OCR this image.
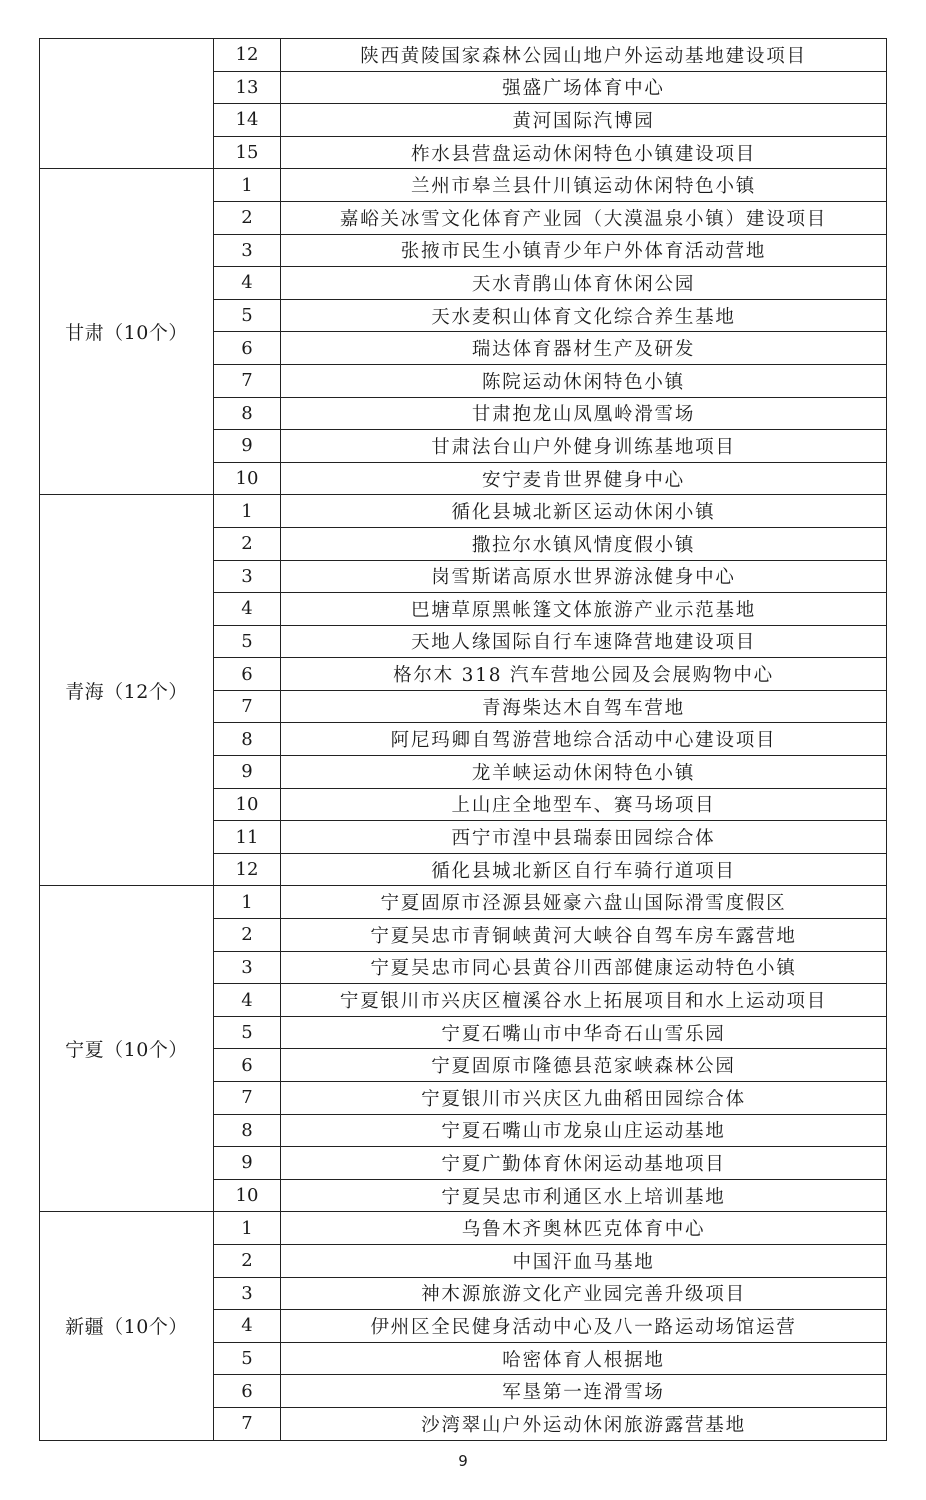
	12	陕西黄陵国家森林公园山地户外运动基地建设项目
	13	强盛广场体育中心
	14	黄河国际汽博园
	15	柞水县营盘运动休闲特色小镇建设项目
甘肃（10个）	1	兰州市皋兰县什川镇运动休闲特色小镇
	2	嘉峪关冰雪文化体育产业园（大漠温泉小镇）建设项目
	3	张掖市民生小镇青少年户外体育活动营地
	4	天水青鹃山体育休闲公园
	5	天水麦积山体育文化综合养生基地
	6	瑞达体育器材生产及研发
	7	陈院运动休闲特色小镇
	8	甘肃抱龙山凤凰岭滑雪场
	9	甘肃法台山户外健身训练基地项目
	10	安宁麦肯世界健身中心
青海（12个）	1	循化县城北新区运动休闲小镇
	2	撒拉尔水镇风情度假小镇
	3	岗雪斯诺高原水世界游泳健身中心
	4	巴塘草原黑帐篷文体旅游产业示范基地
	5	天地人缘国际自行车速降营地建设项目
	6	格尔木 318 汽车营地公园及会展购物中心
	7	青海柴达木自驾车营地
	8	阿尼玛卿自驾游营地综合活动中心建设项目
	9	龙羊峡运动休闲特色小镇
	10	上山庄全地型车、赛马场项目
	11	西宁市湟中县瑞泰田园综合体
	12	循化县城北新区自行车骑行道项目
宁夏（10个）	1	宁夏固原市泾源县娅豪六盘山国际滑雪度假区
	2	宁夏吴忠市青铜峡黄河大峡谷自驾车房车露营地
	3	宁夏吴忠市同心县黄谷川西部健康运动特色小镇
	4	宁夏银川市兴庆区檀溪谷水上拓展项目和水上运动项目
	5	宁夏石嘴山市中华奇石山雪乐园
	6	宁夏固原市隆德县范家峡森林公园
	7	宁夏银川市兴庆区九曲稻田园综合体
	8	宁夏石嘴山市龙泉山庄运动基地
	9	宁夏广勤体育休闲运动基地项目
	10	宁夏吴忠市利通区水上培训基地
新疆（10个）	1	乌鲁木齐奥林匹克体育中心
	2	中国汗血马基地
	3	神木源旅游文化产业园完善升级项目
	4	伊州区全民健身活动中心及八一路运动场馆运营
	5	哈密体育人根据地
	6	军垦第一连滑雪场
	7	沙湾翠山户外运动休闲旅游露营基地
9
